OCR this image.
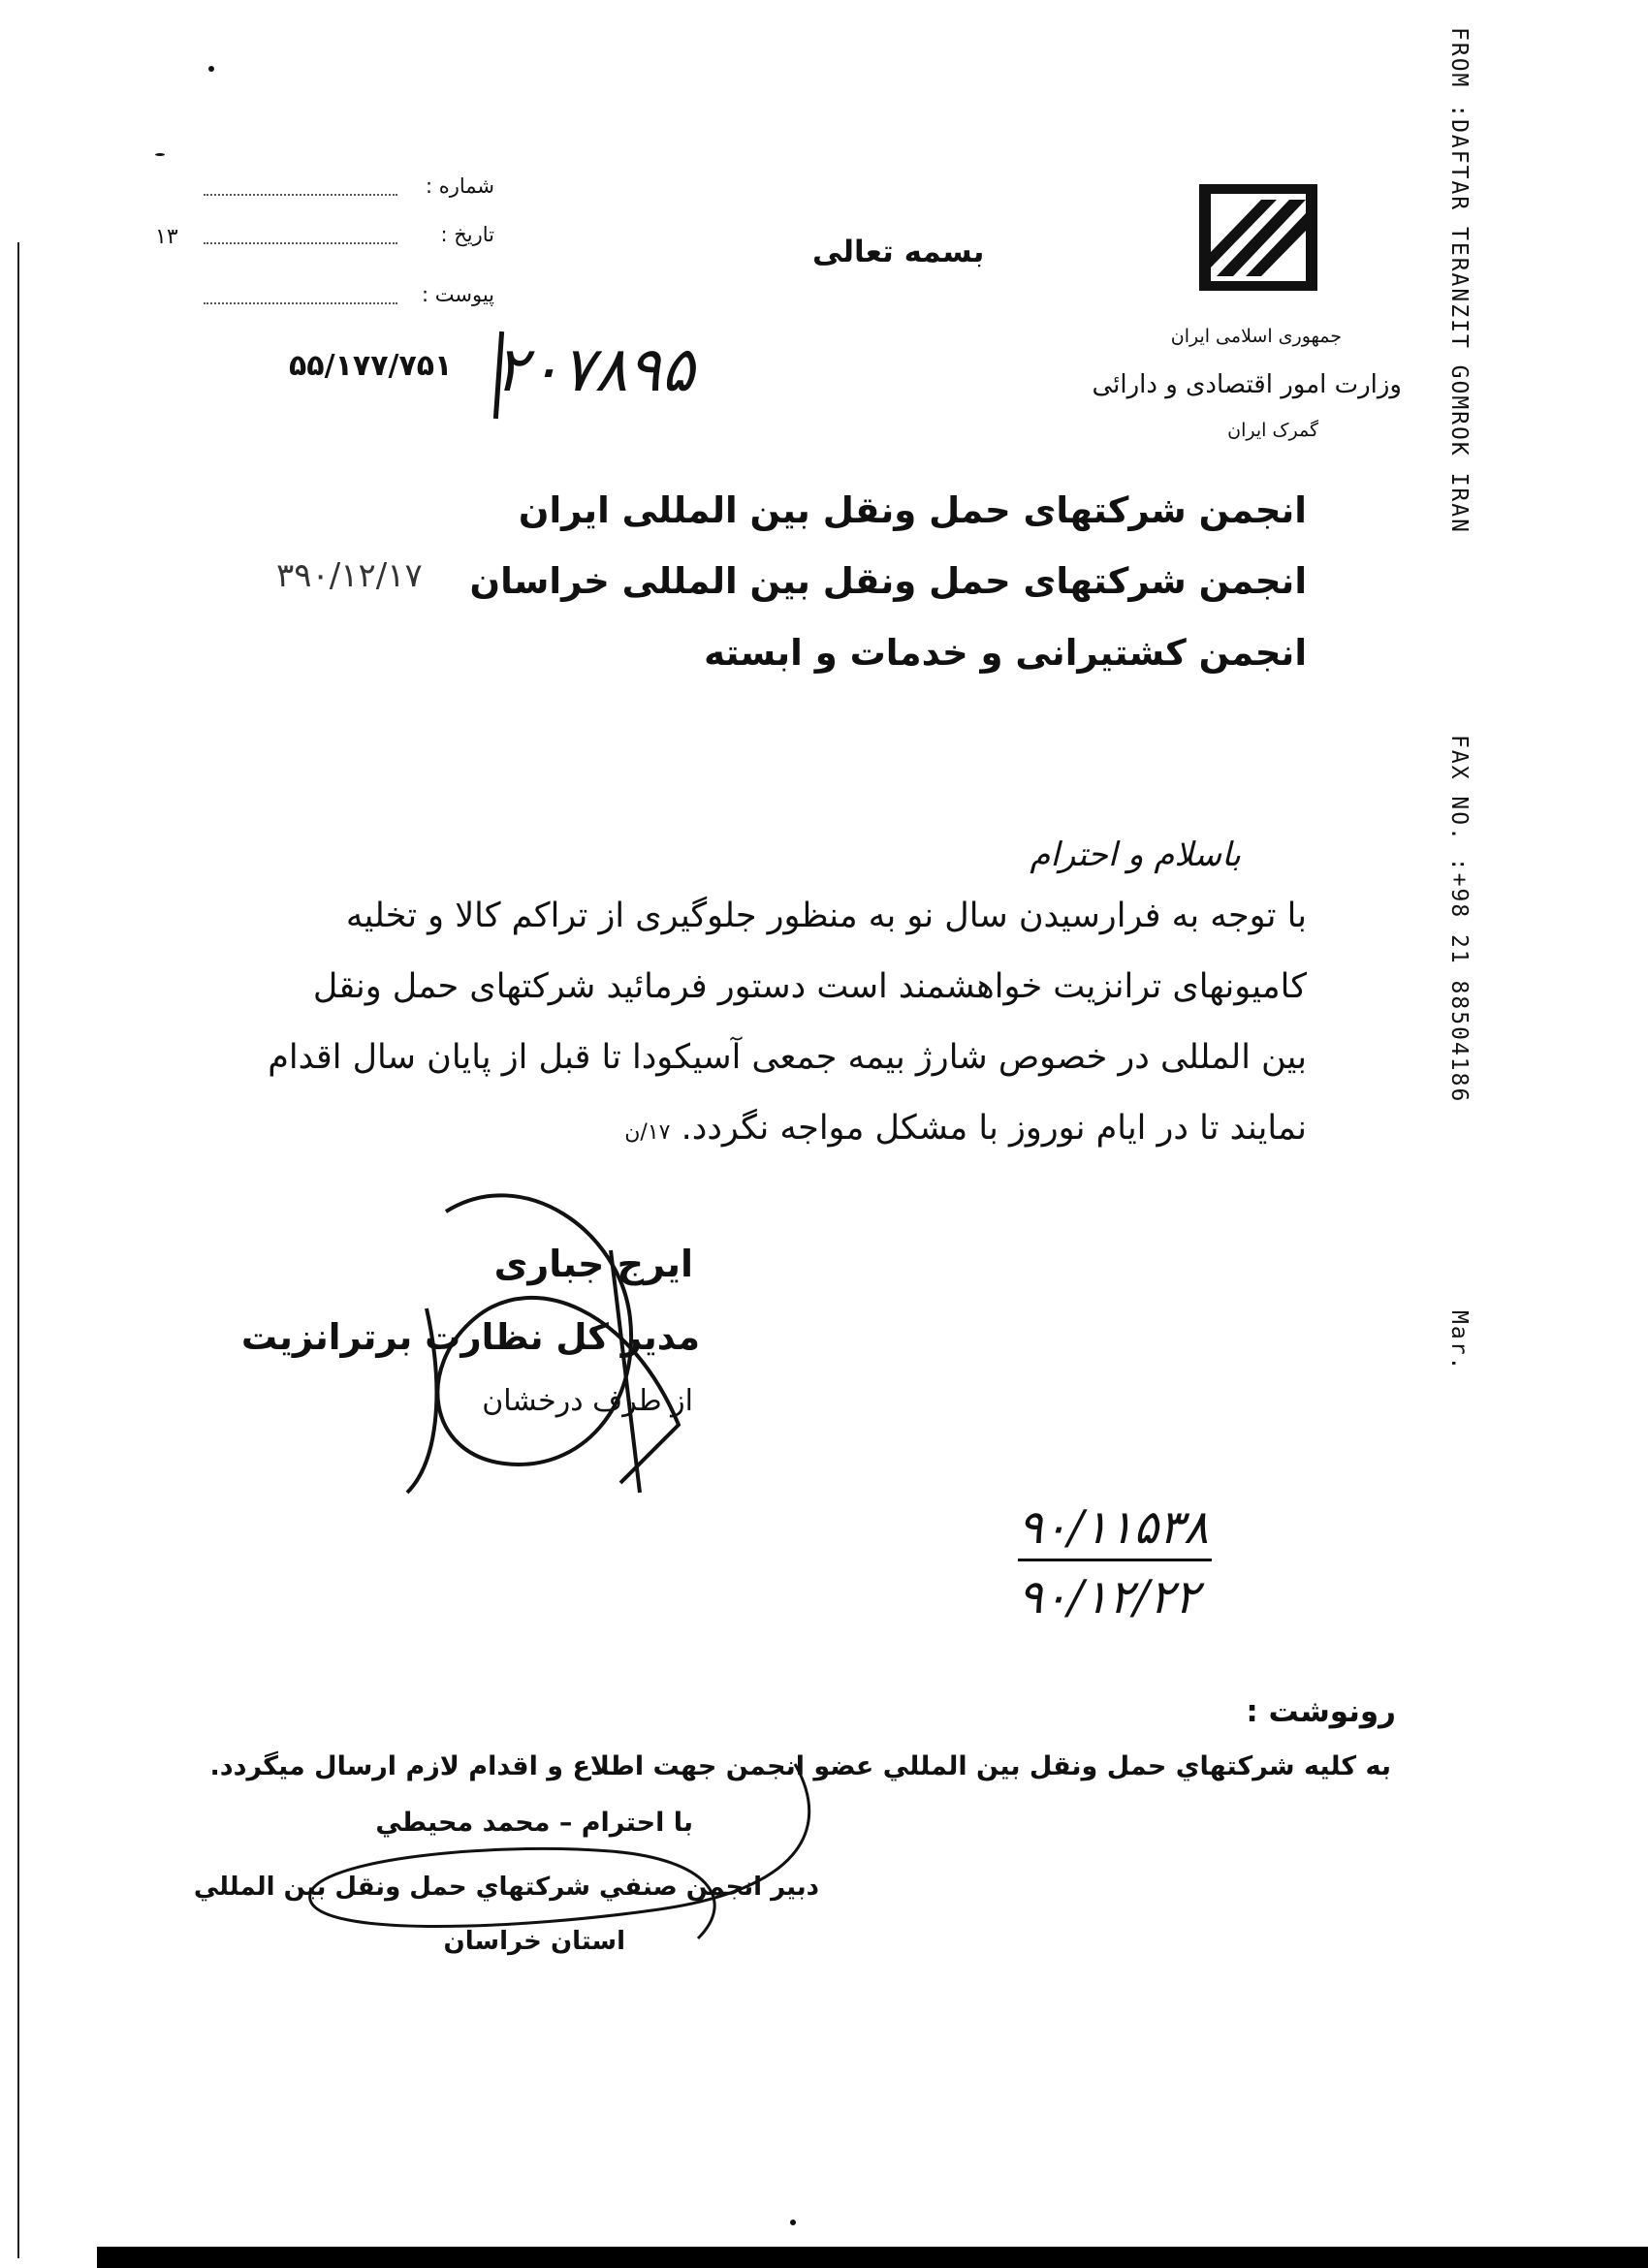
شماره :
تاریخ :
۱۳
پیوست :
بسمه تعالی
۵۵/۱۷۷/۷۵۱ ۲۰۷۸۹۵
۳۹۰/۱۲/۱۷
جمهوری اسلامی ایران
وزارت امور اقتصادی و دارائی
گمرک ایران
انجمن شرکتهای حمل ونقل بین المللی ایران
انجمن شرکتهای حمل ونقل بین المللی خراسان
انجمن کشتیرانی و خدمات و ابسته
FROM :DAFTAR TERANZIT GOMROK IRAN
FAX NO. :+98 21 88504186
Mar.
باسلام و احترام
با توجه به فرارسیدن سال نو به منظور جلوگیری از تراکم کالا و تخلیه
کامیونهای ترانزیت خواهشمند است دستور فرمائید شرکتهای حمل ونقل
بین المللی در خصوص شارژ بیمه جمعی آسیکودا تا قبل از پایان سال اقدام
نمایند تا در ایام نوروز با مشکل مواجه نگردد. ۱۷/ن
ایرج جباری
مدیر کل نظارت برترانزیت
از طرف درخشان
۹۰/۱۱۵۳۸
۹۰/۱۲/۲۲
رونوشت :
به كليه شركتهاي حمل ونقل بين المللي عضو انجمن جهت اطلاع و اقدام لازم ارسال ميگردد.
با احترام – محمد محيطي
دبير انجمن صنفي شركتهاي حمل ونقل بين المللي
استان خراسان
